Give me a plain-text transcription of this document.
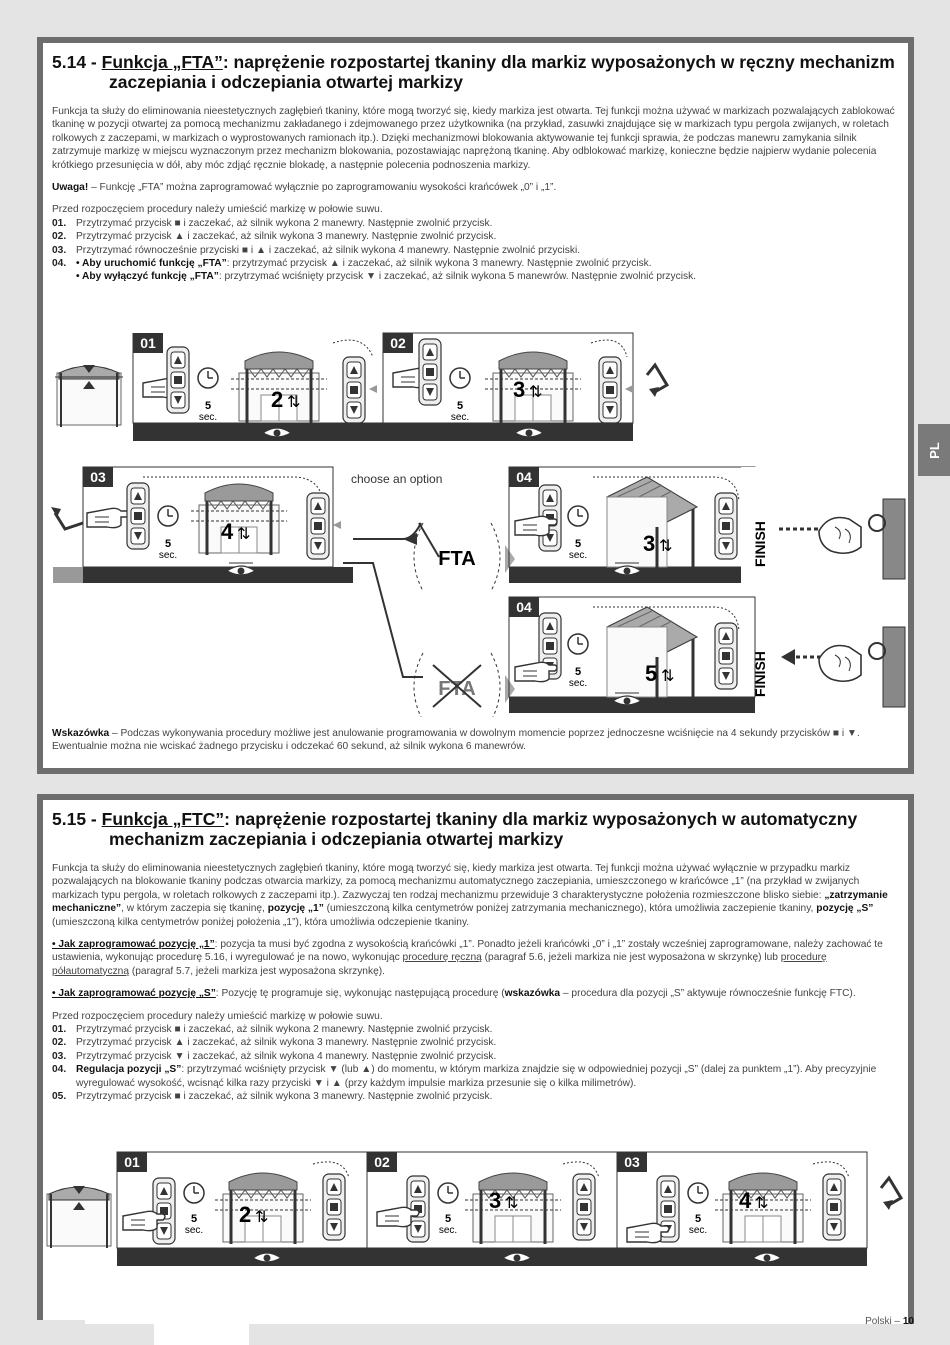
PL
5.14 - Funkcja „FTA”: naprężenie rozpostartej tkaniny dla markiz wyposażonych w ręczny mechanizm zaczepiania i odczepiania otwartej markizy

Funkcja ta służy do eliminowania nieestetycznych zagłębień tkaniny, które mogą tworzyć się, kiedy markiza jest otwarta. Tej funkcji można używać w markizach pozwalających zablokować tkaninę w pozycji otwartej za pomocą mechanizmu zakładanego i zdejmowanego przez użytkownika (na przykład, zasuwki znajdujące się w markizach typu pergola zwijanych, w roletach rolkowych z zaczepami, w markizach o wyprostowanych ramionach itp.). Dzięki mechanizmowi blokowania aktywowanie tej funkcji sprawia, że podczas manewru zamykania silnik zatrzymuje markizę w miejscu wyznaczonym przez mechanizm blokowania, pozostawiając naprężoną tkaninę. Aby odblokować markizę, konieczne będzie najpierw wydanie polecenia krótkiego przesunięcia w dół, aby móc zdjąć ręcznie blokadę, a następnie polecenia podnoszenia markizy.

Uwaga! – Funkcję „FTA” można zaprogramować wyłącznie po zaprogramowaniu wysokości krańcówek „0” i „1”.

Przed rozpoczęciem procedury należy umieścić markizę w połowie suwu.

01. Przytrzymać przycisk ■ i zaczekać, aż silnik wykona 2 manewry. Następnie zwolnić przycisk.
02. Przytrzymać przycisk ▲ i zaczekać, aż silnik wykona 3 manewry. Następnie zwolnić przycisk.
03. Przytrzymać równocześnie przyciski ■ i ▲ i zaczekać, aż silnik wykona 4 manewry. Następnie zwolnić przyciski.
04. • Aby uruchomić funkcję „FTA”: przytrzymać przycisk ▲ i zaczekać, aż silnik wykona 3 manewry. Następnie zwolnić przycisk.
• Aby wyłączyć funkcję „FTA”: przytrzymać wciśnięty przycisk ▼ i zaczekać, aż silnik wykona 5 manewrów. Następnie zwolnić przycisk.
01	02
5
sec.
2 ⇅	5
sec.
3 ⇅
03
5
sec.
4 ⇅
choose an option
FTA
04
5
sec.	3 ⇅	FINISH
FTA
04
5
sec.	5 ⇅	FINISH

Wskazówka – Podczas wykonywania procedury możliwe jest anulowanie programowania w dowolnym momencie poprzez jednoczesne wciśnięcie na 4 sekundy przycisków ■ i ▼. Ewentualnie można nie wciskać żadnego przycisku i odczekać 60 sekund, aż silnik wykona 6 manewrów.

5.15 - Funkcja „FTC”: naprężenie rozpostartej tkaniny dla markiz wyposażonych w automatyczny mechanizm zaczepiania i odczepiania otwartej markizy

Funkcja ta służy do eliminowania nieestetycznych zagłębień tkaniny, które mogą tworzyć się, kiedy markiza jest otwarta. Tej funkcji można używać wyłącznie w przypadku markiz pozwalających na blokowanie tkaniny podczas otwarcia markizy, za pomocą mechanizmu automatycznego zaczepiania, umieszczonego w krańcówce „1” (na przykład w zwijanych markizach typu pergola, w roletach rolkowych z zaczepami itp.). Zazwyczaj ten rodzaj mechanizmu przewiduje 3 charakterystyczne położenia rozmieszczone blisko siebie: „zatrzymanie mechaniczne”, w którym zaczepia się tkaninę, pozycję „1” (umieszczoną kilka centymetrów poniżej zatrzymania mechanicznego), która umożliwia zaczepienie tkaniny, pozycję „S” (umieszczoną kilka centymetrów poniżej położenia „1”), która umożliwia odczepienie tkaniny.

• Jak zaprogramować pozycję „1”: pozycja ta musi być zgodna z wysokością krańcówki „1”. Ponadto jeżeli krańcówki „0” i „1” zostały wcześniej zaprogramowane, należy zachować te ustawienia, wykonując procedurę 5.16, i wyregulować je na nowo, wykonując procedurę ręczną (paragraf 5.6, jeżeli markiza nie jest wyposażona w skrzynkę) lub procedurę półautomatyczną (paragraf 5.7, jeżeli markiza jest wyposażona skrzynkę).

• Jak zaprogramować pozycję „S”: Pozycję tę programuje się, wykonując następującą procedurę (wskazówka – procedura dla pozycji „S” aktywuje równocześnie funkcję FTC).

Przed rozpoczęciem procedury należy umieścić markizę w połowie suwu.

01. Przytrzymać przycisk ■ i zaczekać, aż silnik wykona 2 manewry. Następnie zwolnić przycisk.
02. Przytrzymać przycisk ▲ i zaczekać, aż silnik wykona 3 manewry. Następnie zwolnić przycisk.
03. Przytrzymać przycisk ▼ i zaczekać, aż silnik wykona 4 manewry. Następnie zwolnić przycisk.
04. Regulacja pozycji „S”: przytrzymać wciśnięty przycisk ▼ (lub ▲) do momentu, w którym markiza znajdzie się w odpowiedniej pozycji „S” (dalej za punktem „1”). Aby precyzyjnie wyregulować wysokość, wcisnąć kilka razy przyciski ▼ i ▲ (przy każdym impulsie markiza przesunie się o kilka milimetrów).
05. Przytrzymać przycisk ■ i zaczekać, aż silnik wykona 3 manewry. Następnie zwolnić przycisk.
01
5
sec.
2 ⇅
02
5
sec.
3 ⇅
03
5
sec.
4 ⇅
Polski – 10
